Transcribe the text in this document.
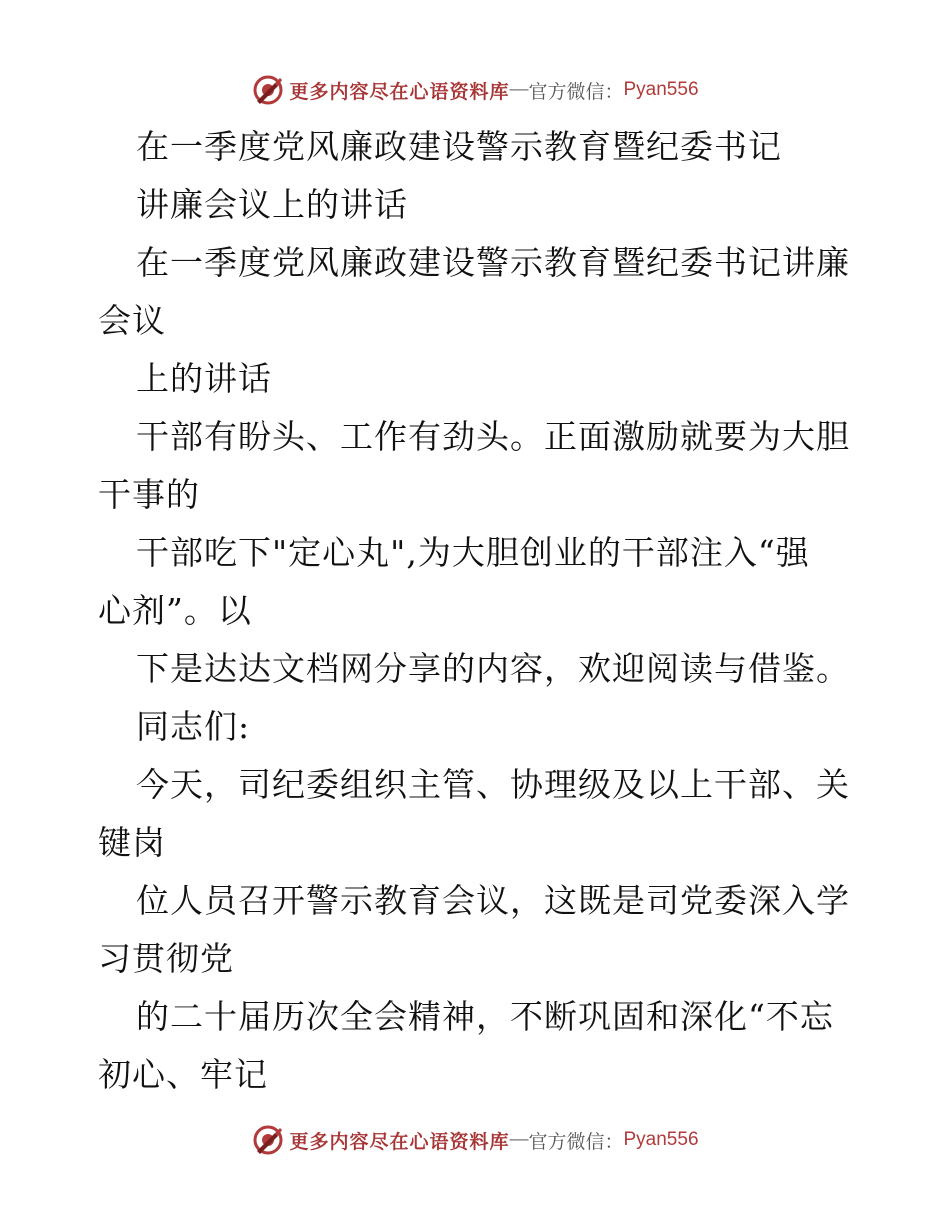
更多内容尽在心语资料库 — 官方微信： Pyan556
在一季度党风廉政建设警示教育暨纪委书记
讲廉会议上的讲话
在一季度党风廉政建设警示教育暨纪委书记讲廉
会议
上的讲话
干部有盼头、工作有劲头。正面激励就要为大胆
干事的
干部吃下"定心丸",为大胆创业的干部注入“强
心剂”。以
下是达达文档网分享的内容，欢迎阅读与借鉴。
同志们:
今天，司纪委组织主管、协理级及以上干部、关
键岗
位人员召开警示教育会议，这既是司党委深入学
习贯彻党
的二十届历次全会精神，不断巩固和深化“不忘
初心、牢记
更多内容尽在心语资料库 — 官方微信： Pyan556
